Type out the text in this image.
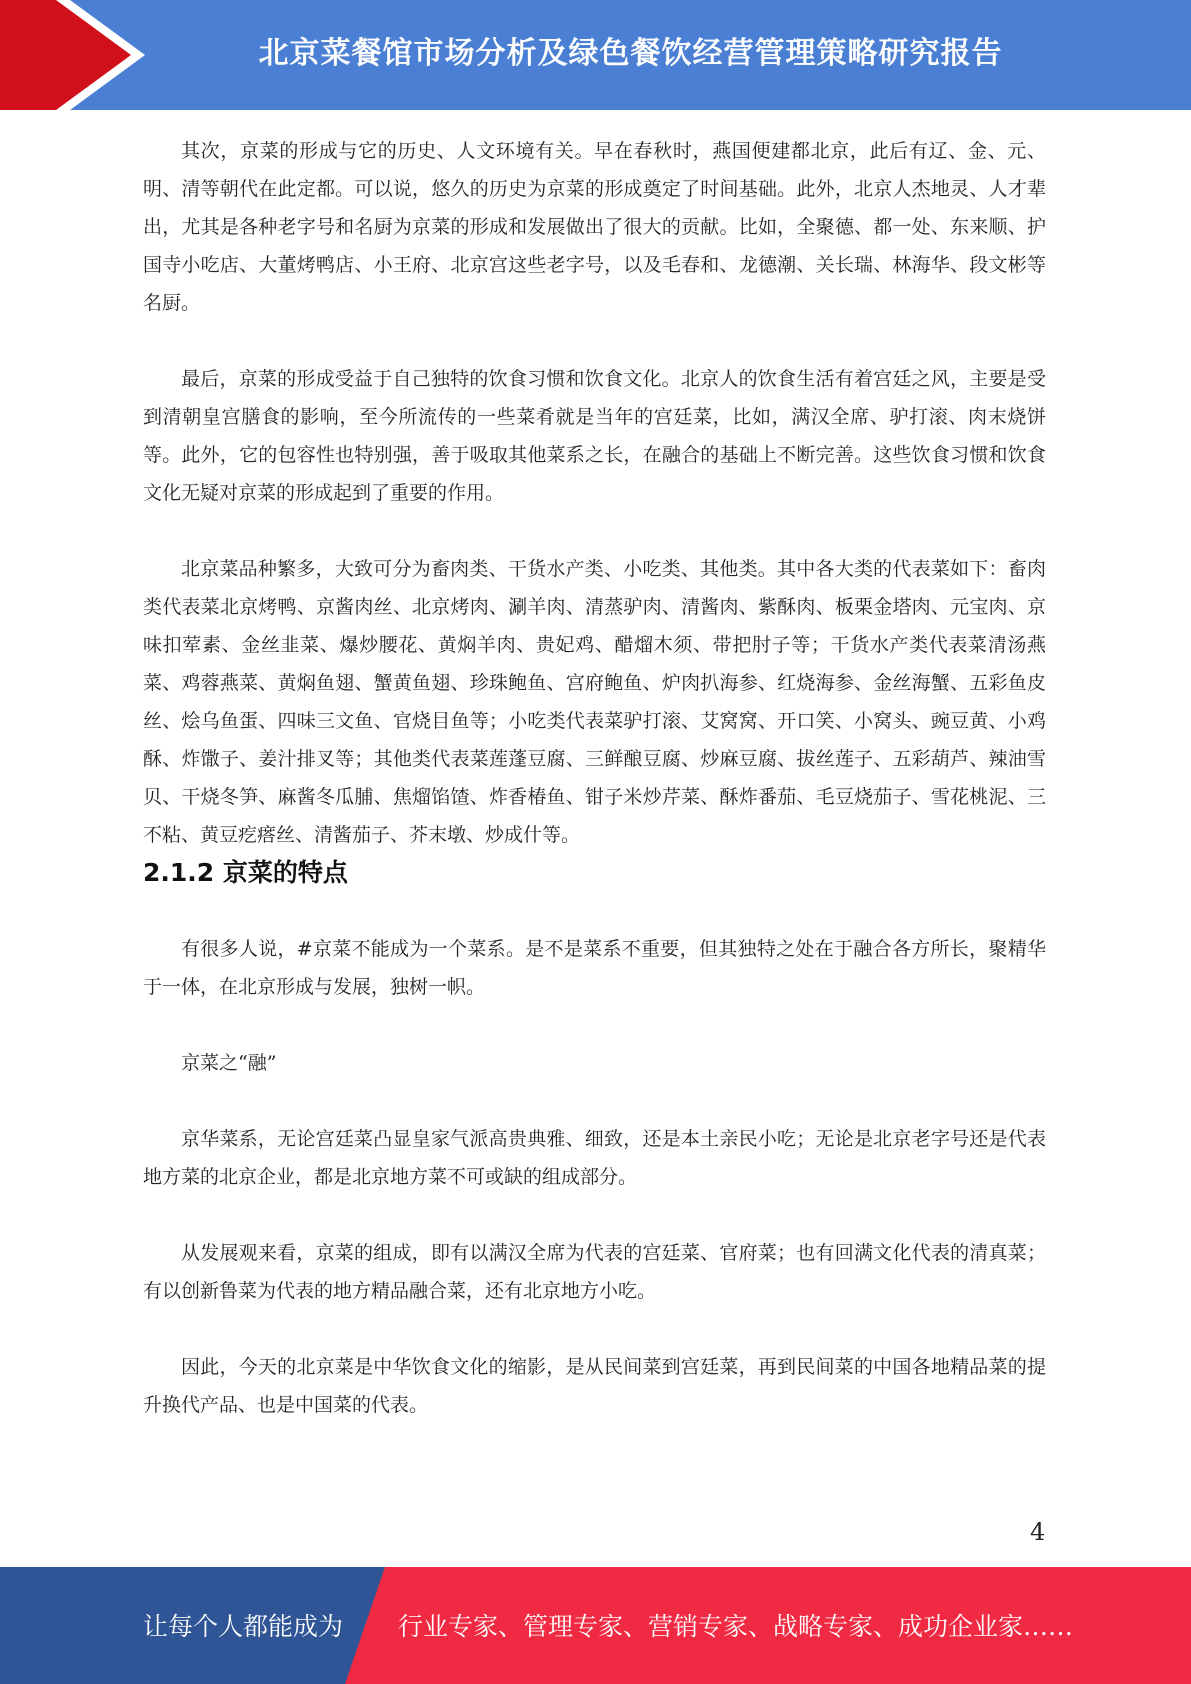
北京菜餐馆市场分析及绿色餐饮经营管理策略研究报告

其次，京菜的形成与它的历史、人文环境有关。早在春秋时，燕国便建都北京，此后有辽、金、元、明、清等朝代在此定都。可以说，悠久的历史为京菜的形成奠定了时间基础。此外，北京人杰地灵、人才辈出，尤其是各种老字号和名厨为京菜的形成和发展做出了很大的贡献。比如，全聚德、都一处、东来顺、护国寺小吃店、大董烤鸭店、小王府、北京宫这些老字号，以及毛春和、龙德潮、关长瑞、林海华、段文彬等名厨。

最后，京菜的形成受益于自己独特的饮食习惯和饮食文化。北京人的饮食生活有着宫廷之风，主要是受到清朝皇宫膳食的影响，至今所流传的一些菜肴就是当年的宫廷菜，比如，满汉全席、驴打滚、肉末烧饼等。此外，它的包容性也特别强，善于吸取其他菜系之长，在融合的基础上不断完善。这些饮食习惯和饮食文化无疑对京菜的形成起到了重要的作用。

北京菜品种繁多，大致可分为畜肉类、干货水产类、小吃类、其他类。其中各大类的代表菜如下：畜肉类代表菜北京烤鸭、京酱肉丝、北京烤肉、涮羊肉、清蒸驴肉、清酱肉、紫酥肉、板栗金塔肉、元宝肉、京味扣荤素、金丝韭菜、爆炒腰花、黄焖羊肉、贵妃鸡、醋熘木须、带把肘子等；干货水产类代表菜清汤燕菜、鸡蓉燕菜、黄焖鱼翅、蟹黄鱼翅、珍珠鲍鱼、宫府鲍鱼、炉肉扒海参、红烧海参、金丝海蟹、五彩鱼皮丝、烩乌鱼蛋、四味三文鱼、官烧目鱼等；小吃类代表菜驴打滚、艾窝窝、开口笑、小窝头、豌豆黄、小鸡酥、炸馓子、姜汁排叉等；其他类代表菜莲蓬豆腐、三鲜酿豆腐、炒麻豆腐、拔丝莲子、五彩葫芦、辣油雪贝、干烧冬笋、麻酱冬瓜脯、焦熘馅馇、炸香椿鱼、钳子米炒芹菜、酥炸番茄、毛豆烧茄子、雪花桃泥、三不粘、黄豆疙瘩丝、清酱茄子、芥末墩、炒成什等。

2.1.2 京菜的特点

有很多人说，#京菜不能成为一个菜系。是不是菜系不重要，但其独特之处在于融合各方所长，聚精华于一体，在北京形成与发展，独树一帜。

京菜之“融”

京华菜系，无论宫廷菜凸显皇家气派高贵典雅、细致，还是本土亲民小吃；无论是北京老字号还是代表地方菜的北京企业，都是北京地方菜不可或缺的组成部分。

从发展观来看，京菜的组成，即有以满汉全席为代表的宫廷菜、官府菜；也有回满文化代表的清真菜；有以创新鲁菜为代表的地方精品融合菜，还有北京地方小吃。

因此，今天的北京菜是中华饮食文化的缩影，是从民间菜到宫廷菜，再到民间菜的中国各地精品菜的提升换代产品、也是中国菜的代表。

4
让每个人都能成为 行业专家、管理专家、营销专家、战略专家、成功企业家……
